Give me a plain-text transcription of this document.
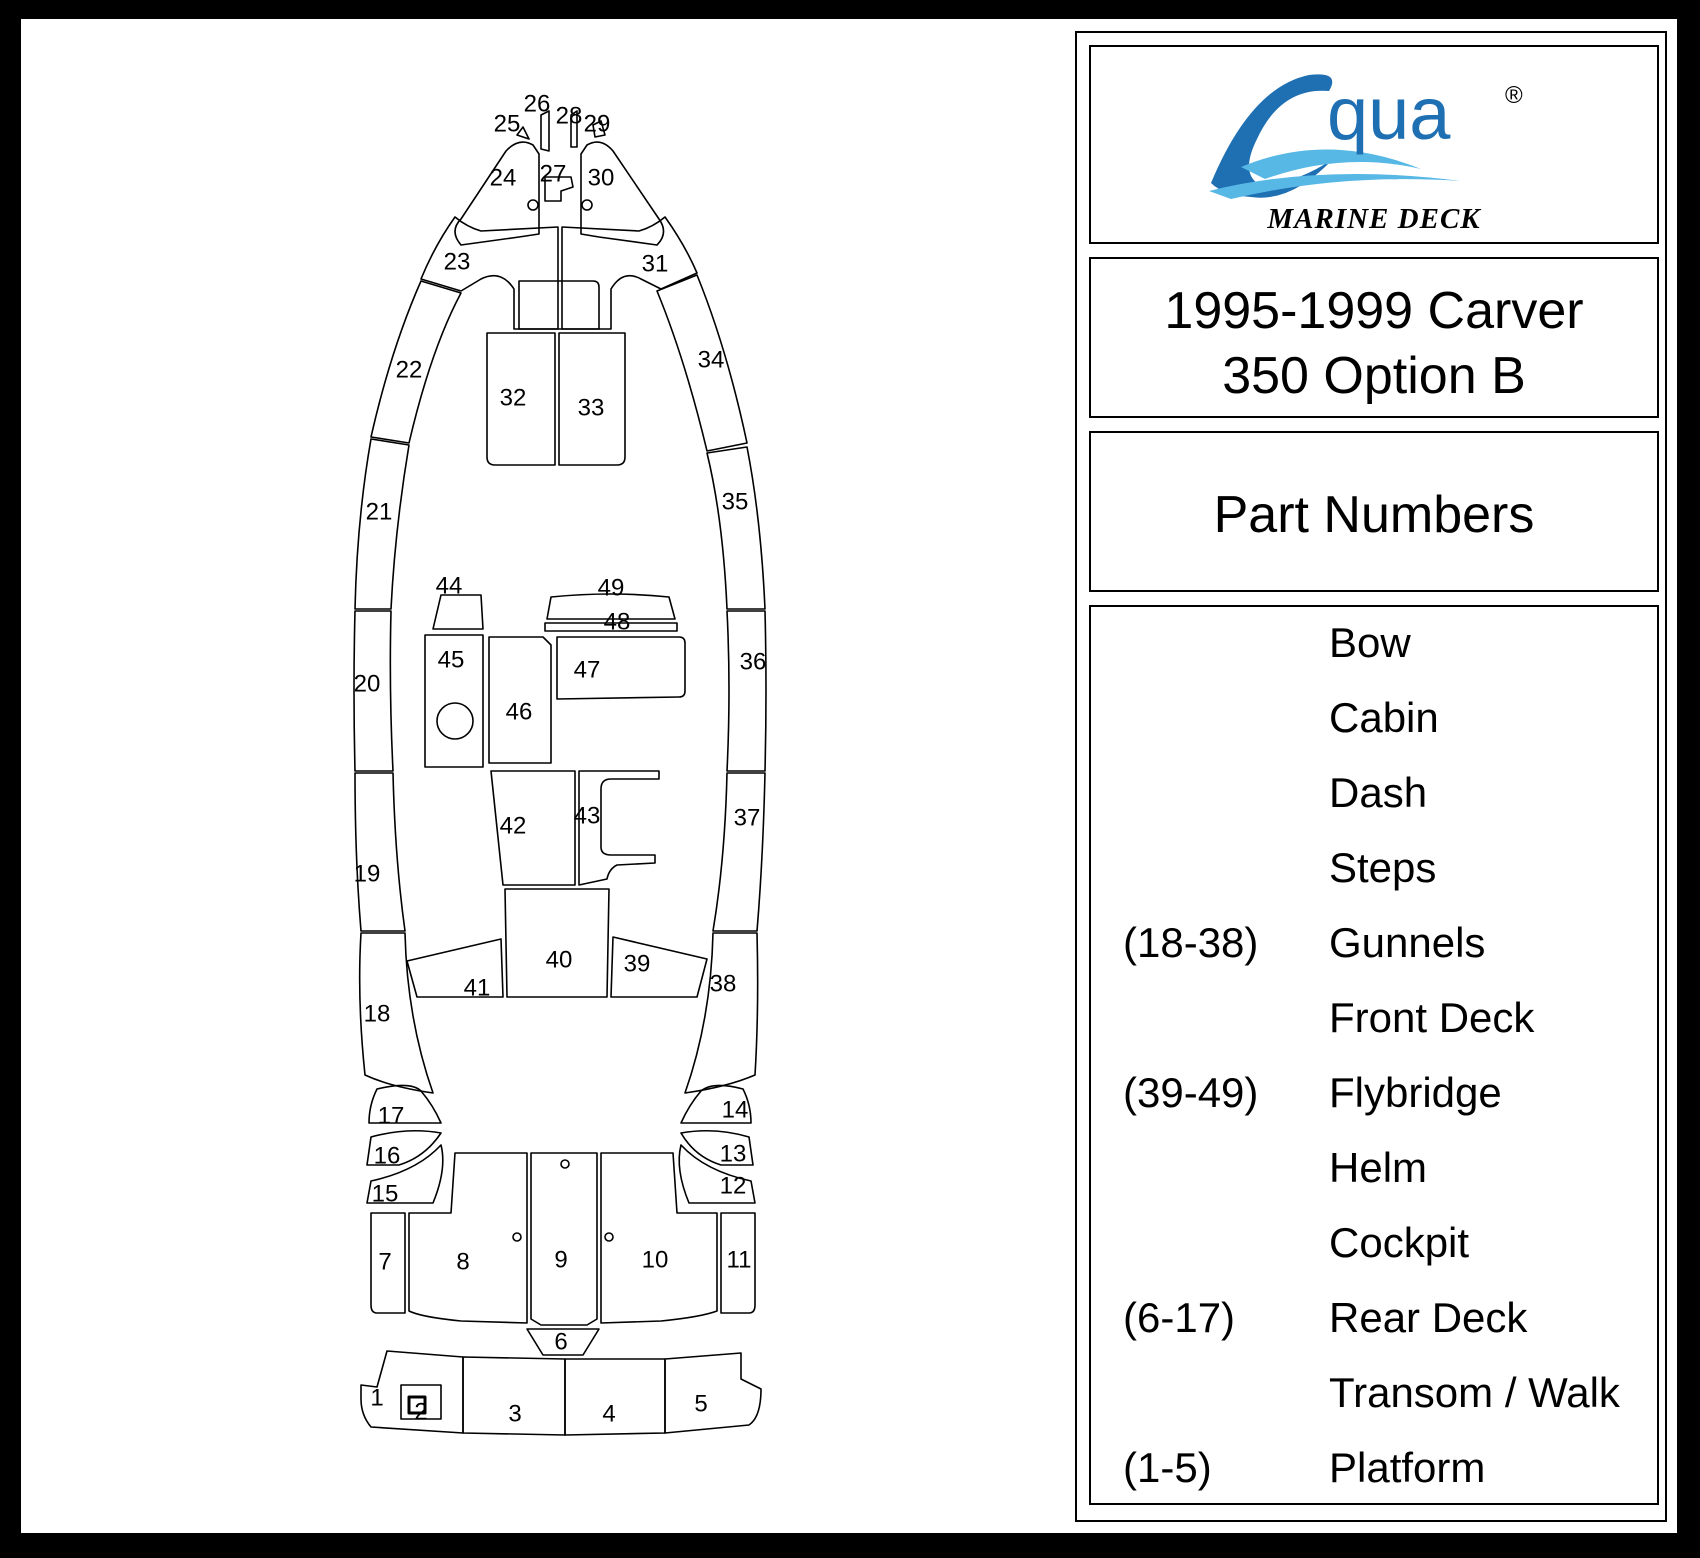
1
2	3	4	5
6
7	8	9	10 11
12
13
14
15
16
17
18
19
20
21
22
23
24
25
26
27
28 29
30
31
32 33
34
35
36
37
38
39
40
41
42 43
44
45
46
47
48
49
qua ®
MARINE DECK
1995-1999 Carver
350 Option B
Part Numbers
Bow
Cabin
Dash
Steps
(18-38) Gunnels
Front Deck
(39-49) Flybridge
Helm
Cockpit
(6-17) Rear Deck
Transom / Walk
(1-5)	Platform
